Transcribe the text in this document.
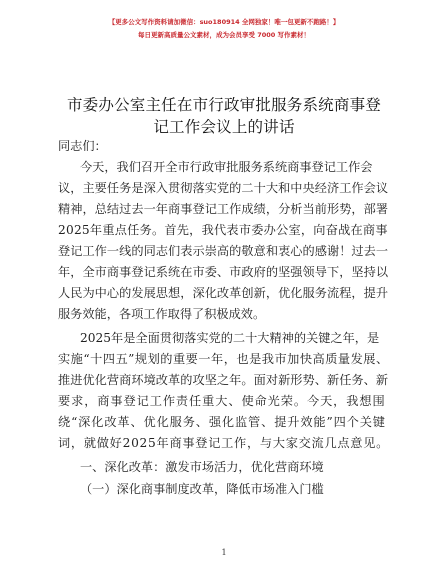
【更多公文写作资料请加微信：suo180914 全网独家！唯一包更新不跑路！】
每日更新高质量公文素材，成为会员享受 7000 写作素材！
市委办公室主任在市行政审批服务系统商事登
记工作会议上的讲话
同志们：
今天，我们召开全市行政审批服务系统商事登记工作会
议，主要任务是深入贯彻落实党的二十大和中央经济工作会议
精神，总结过去一年商事登记工作成绩，分析当前形势，部署
2025年重点任务。首先，我代表市委办公室，向奋战在商事
登记工作一线的同志们表示崇高的敬意和衷心的感谢！过去一
年，全市商事登记系统在市委、市政府的坚强领导下，坚持以
人民为中心的发展思想，深化改革创新，优化服务流程，提升
服务效能，各项工作取得了积极成效。
2025年是全面贯彻落实党的二十大精神的关键之年，是
实施“十四五”规划的重要一年，也是我市加快高质量发展、
推进优化营商环境改革的攻坚之年。面对新形势、新任务、新
要求，商事登记工作责任重大、使命光荣。今天，我想围
绕“深化改革、优化服务、强化监管、提升效能”四个关键
词，就做好2025年商事登记工作，与大家交流几点意见。
一、深化改革：激发市场活力，优化营商环境
（一）深化商事制度改革，降低市场准入门槛
1
